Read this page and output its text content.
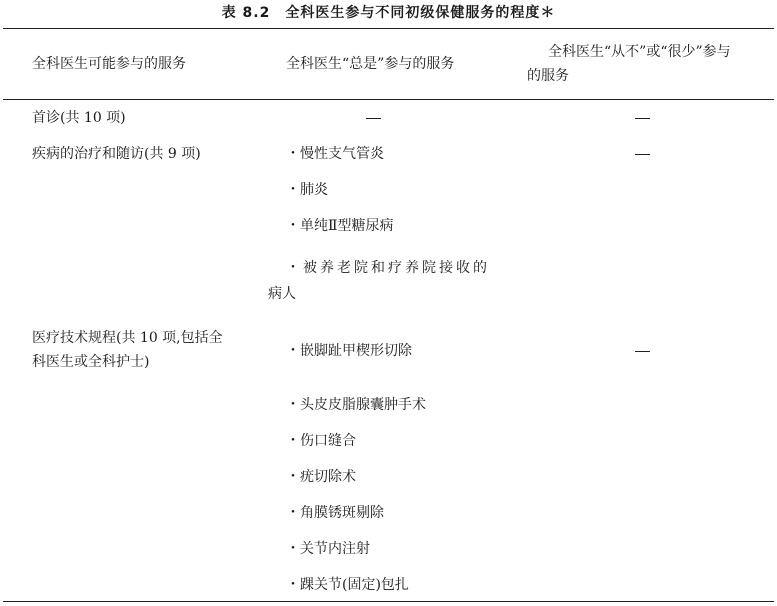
表 8.2　全科医生参与不同初级保健服务的程度＊
全科医生可能参与的服务	全科医生“总是”参与的服务
全科医生“从不”或“很少”参与
的服务
首诊(共 10 项)
疾病的治疗和随访(共 9 项)	・慢性支气管炎
・肺炎
・单纯Ⅱ型糖尿病
・被养老院和疗养院接收的
病人
医疗技术规程(共 10 项,包括全
科医生或全科护士)
・嵌脚趾甲楔形切除
・头皮皮脂腺囊肿手术
・伤口缝合
・疣切除术
・角膜锈斑剔除
・关节内注射
・踝关节(固定)包扎
